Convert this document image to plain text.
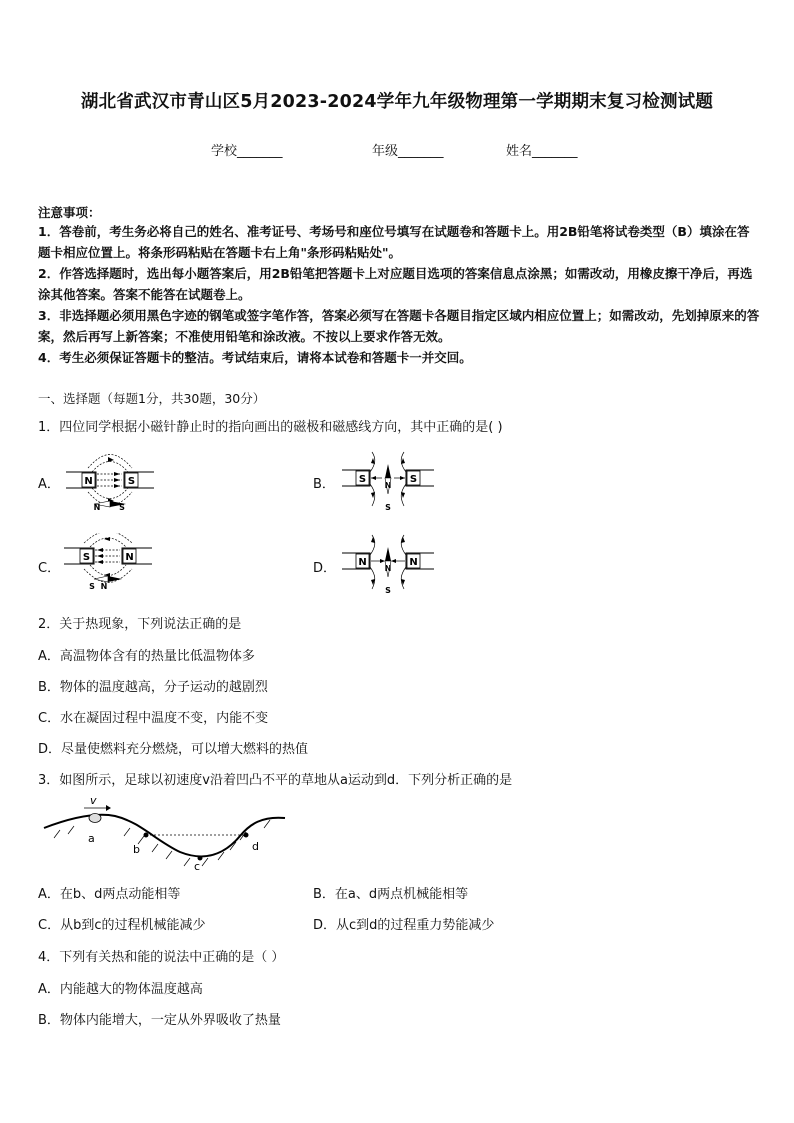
湖北省武汉市青山区5月2023-2024学年九年级物理第一学期期末复习检测试题
学校_______	年级_______	姓名_______
注意事项：
1．答卷前，考生务必将自己的姓名、准考证号、考场号和座位号填写在试题卷和答题卡上。用2B铅笔将试卷类型（B）填涂在答题卡相应位置上。将条形码粘贴在答题卡右上角"条形码粘贴处"。
2．作答选择题时，选出每小题答案后，用2B铅笔把答题卡上对应题目选项的答案信息点涂黑；如需改动，用橡皮擦干净后，再选涂其他答案。答案不能答在试题卷上。
3．非选择题必须用黑色字迹的钢笔或签字笔作答，答案必须写在答题卡各题目指定区域内相应位置上；如需改动，先划掉原来的答案，然后再写上新答案；不准使用铅笔和涂改液。不按以上要求作答无效。
4．考生必须保证答题卡的整洁。考试结束后，请将本试卷和答题卡一并交回。
一、选择题（每题1分，共30题，30分）
1．四位同学根据小磁针静止时的指向画出的磁极和磁感线方向，其中正确的是( )
A． N	S
N S
B． S	S
N
S
C．
S	N
S N
D． N	N
N
S
2．关于热现象，下列说法正确的是
A．高温物体含有的热量比低温物体多
B．物体的温度越高，分子运动的越剧烈
C．水在凝固过程中温度不变，内能不变
D．尽量使燃料充分燃烧，可以增大燃料的热值
3．如图所示，足球以初速度v沿着凹凸不平的草地从a运动到d．下列分析正确的是
v
a
b
c
d
A．在b、d两点动能相等	B．在a、d两点机械能相等
C．从b到c的过程机械能减少	D．从c到d的过程重力势能减少
4．下列有关热和能的说法中正确的是（ ）
A．内能越大的物体温度越高
B．物体内能增大，一定从外界吸收了热量
